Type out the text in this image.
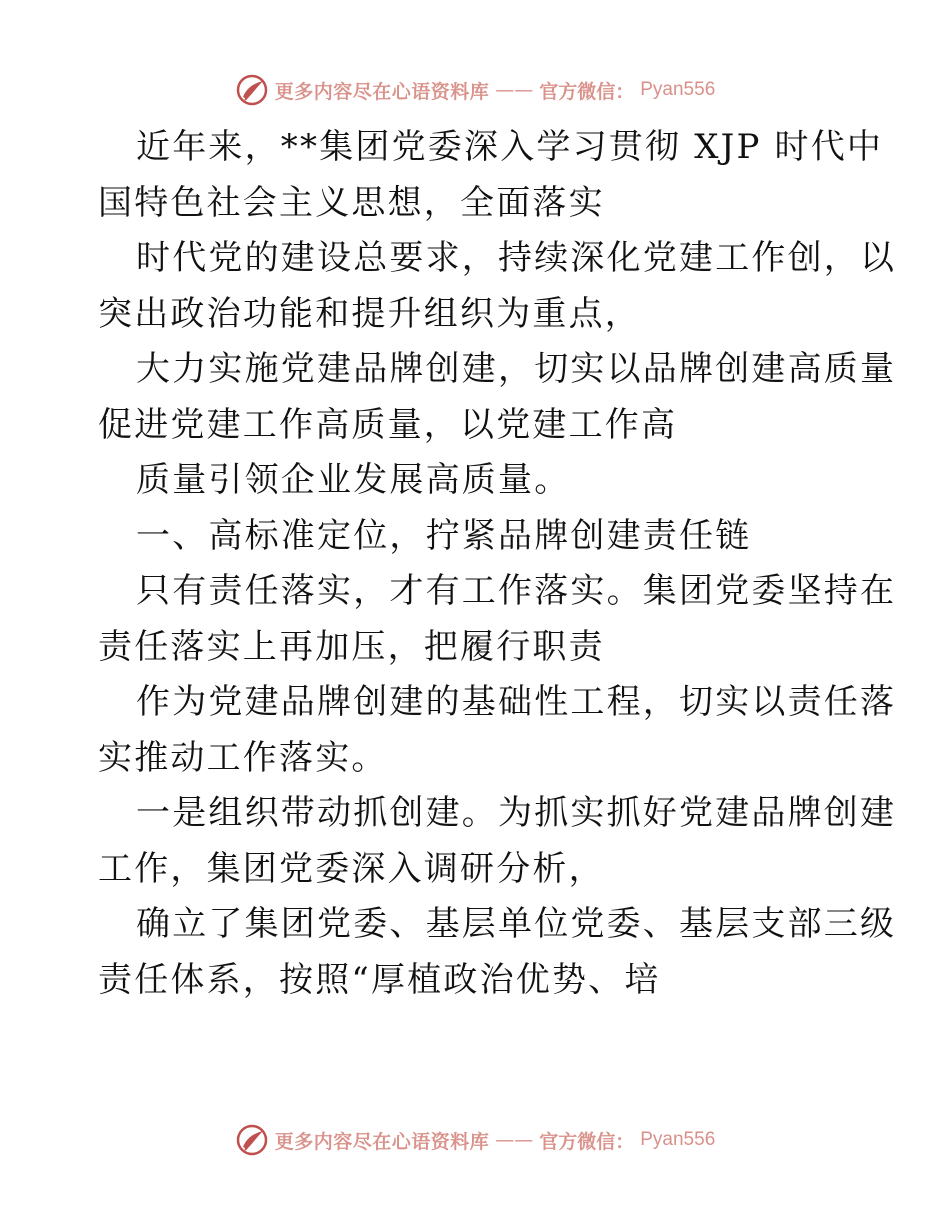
更多内容尽在心语资料库 —— 官方微信： Pyan556

近年来，**集团党委深入学习贯彻 XJP 时代中
国特色社会主义思想，全面落实

时代党的建设总要求，持续深化党建工作创，以
突出政治功能和提升组织为重点，

大力实施党建品牌创建，切实以品牌创建高质量
促进党建工作高质量，以党建工作高

质量引领企业发展高质量。

一、高标准定位，拧紧品牌创建责任链

只有责任落实，才有工作落实。集团党委坚持在
责任落实上再加压，把履行职责

作为党建品牌创建的基础性工程，切实以责任落
实推动工作落实。

一是组织带动抓创建。为抓实抓好党建品牌创建
工作，集团党委深入调研分析，

确立了集团党委、基层单位党委、基层支部三级
责任体系，按照“厚植政治优势、培

更多内容尽在心语资料库 —— 官方微信： Pyan556
